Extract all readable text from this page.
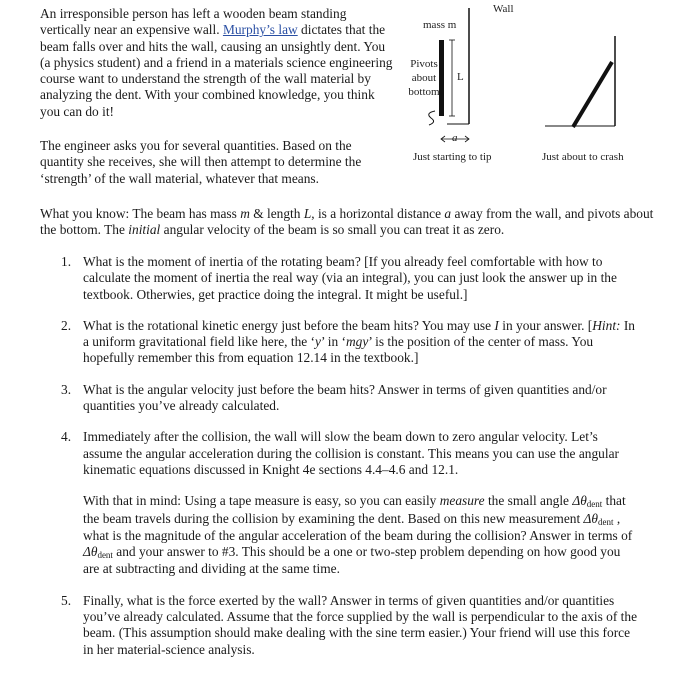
An irresponsible person has left a wooden beam standing vertically near an expensive wall. Murphy’s law dictates that the beam falls over and hits the wall, causing an unsightly dent. You (a physics student) and a friend in a materials science engineering course want to understand the strength of the wall material by analyzing the dent. With your combined knowledge, you think you can do it!

The engineer asks you for several quantities. Based on the quantity she receives, she will then attempt to determine the ‘strength’ of the wall material, whatever that means.

Wall
mass m
Pivots about bottom
L
a
Just starting to tip	Just about to crash

What you know: The beam has mass m & length L, is a horizontal distance a away from the wall, and pivots about the bottom. The initial angular velocity of the beam is so small you can treat it as zero.

1. What is the moment of inertia of the rotating beam? [If you already feel comfortable with how to calculate the moment of inertia the real way (via an integral), you can just look the answer up in the textbook. Otherwies, get practice doing the integral. It might be useful.]

2. What is the rotational kinetic energy just before the beam hits? You may use I in your answer. [Hint: In a uniform gravitational field like here, the ‘y’ in ‘mgy’ is the position of the center of mass. You hopefully remember this from equation 12.14 in the textbook.]

3. What is the angular velocity just before the beam hits? Answer in terms of given quantities and/or quantities you’ve already calculated.

4. Immediately after the collision, the wall will slow the beam down to zero angular velocity. Let’s assume the angular acceleration during the collision is constant. This means you can use the angular kinematic equations discussed in Knight 4e sections 4.4–4.6 and 12.1.

With that in mind: Using a tape measure is easy, so you can easily measure the small angle Δθdent that the beam travels during the collision by examining the dent. Based on this new measurement Δθdent , what is the magnitude of the angular acceleration of the beam during the collision? Answer in terms of Δθdent and your answer to #3. This should be a one or two-step problem depending on how good you are at subtracting and dividing at the same time.

5. Finally, what is the force exerted by the wall? Answer in terms of given quantities and/or quantities you’ve already calculated. Assume that the force supplied by the wall is perpendicular to the axis of the beam. (This assumption should make dealing with the sine term easier.) Your friend will use this force in her material-science analysis.
